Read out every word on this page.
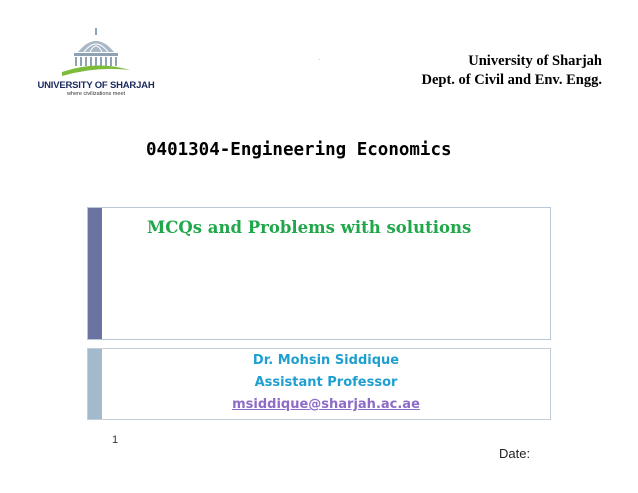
UNIVERSITY OF SHARJAH
where civilizations meet
.	University of Sharjah
Dept. of Civil and Env. Engg.
0401304-Engineering Economics
MCQs and Problems with solutions
Dr. Mohsin Siddique
Assistant Professor
msiddique@sharjah.ac.ae
1
Date:
